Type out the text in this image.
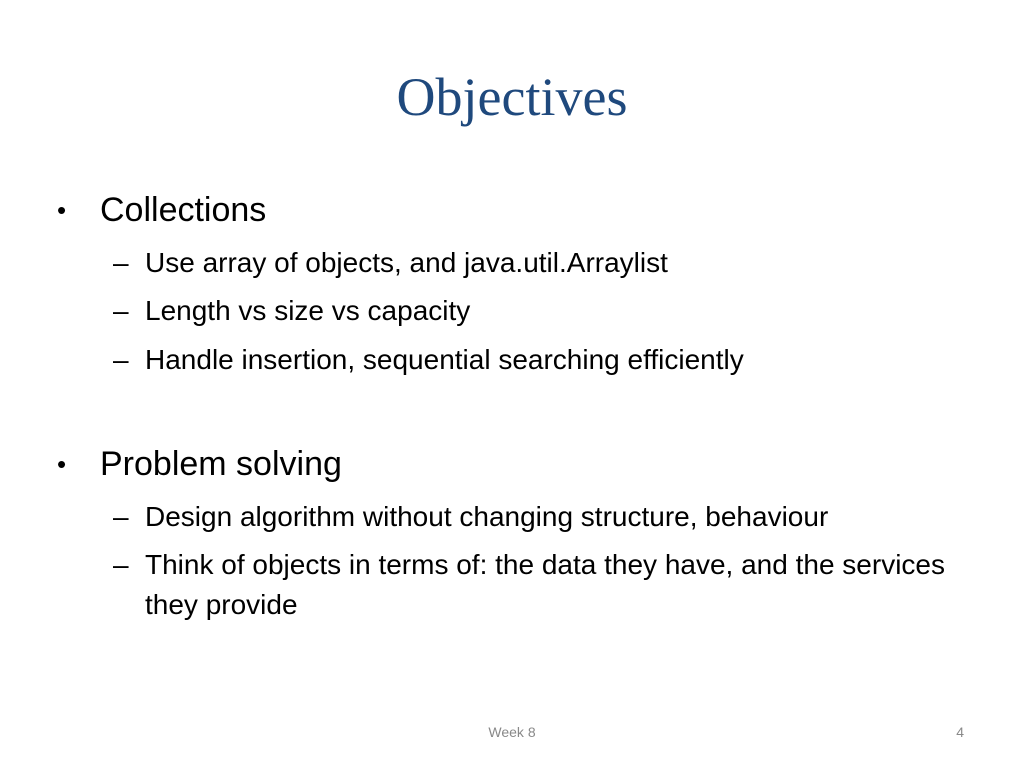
Objectives
• Collections
– Use array of objects, and java.util.Arraylist
– Length vs size vs capacity
– Handle insertion, sequential searching efficiently
• Problem solving
– Design algorithm without changing structure, behaviour
– Think of objects in terms of: the data they have, and the services they provide
Week 8	4
